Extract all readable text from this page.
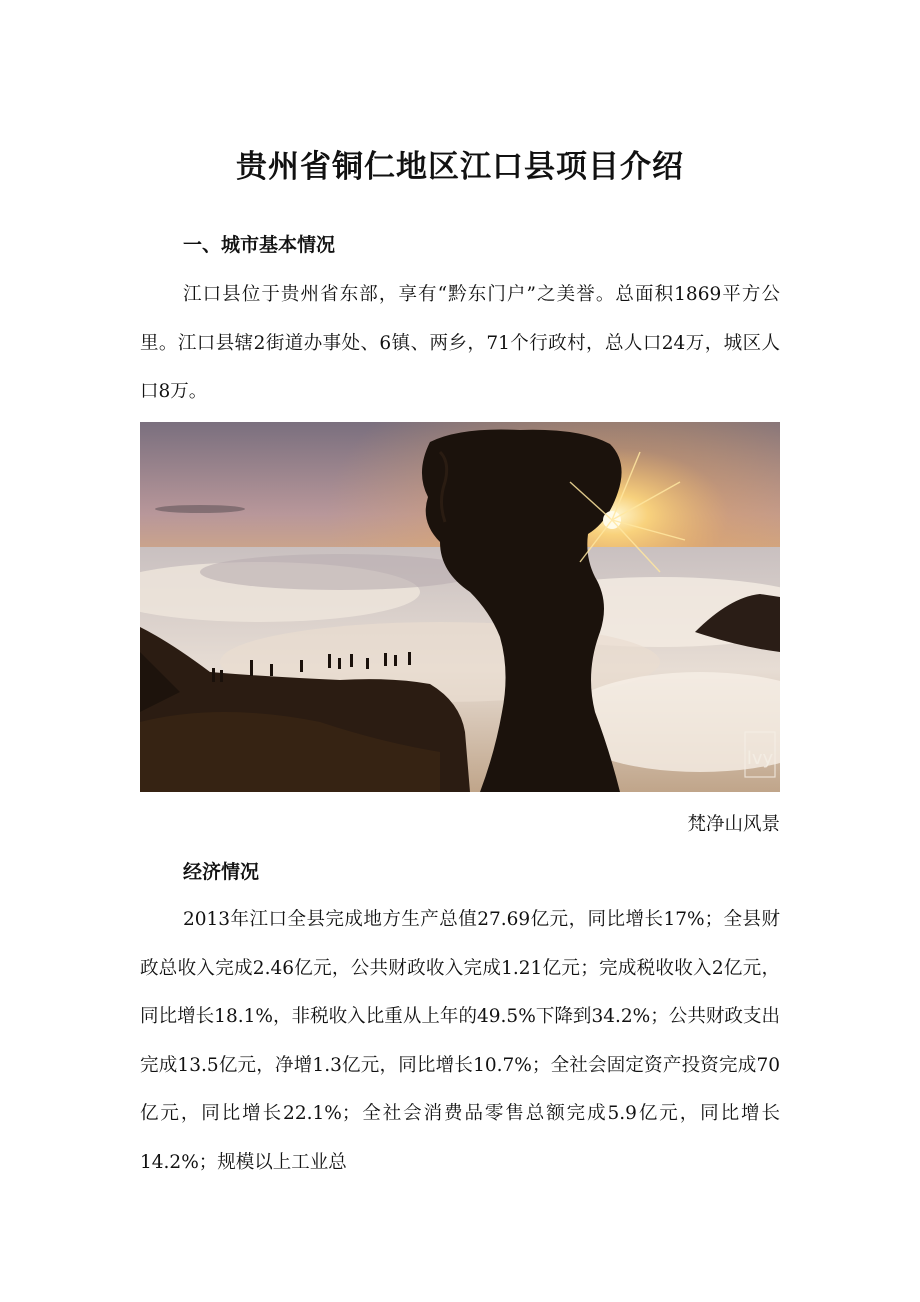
贵州省铜仁地区江口县项目介绍
一、城市基本情况

江口县位于贵州省东部，享有“黔东门户”之美誉。总面积1869平方公里。江口县辖2街道办事处、6镇、两乡，71个行政村，总人口24万，城区人口8万。

lvy

梵净山风景

经济情况

2013年江口全县完成地方生产总值27.69亿元，同比增长17%；全县财政总收入完成2.46亿元，公共财政收入完成1.21亿元；完成税收收入2亿元，同比增长18.1%，非税收入比重从上年的49.5%下降到34.2%；公共财政支出完成13.5亿元，净增1.3亿元，同比增长10.7%；全社会固定资产投资完成70亿元，同比增长22.1%；全社会消费品零售总额完成5.9亿元，同比增长14.2%；规模以上工业总
